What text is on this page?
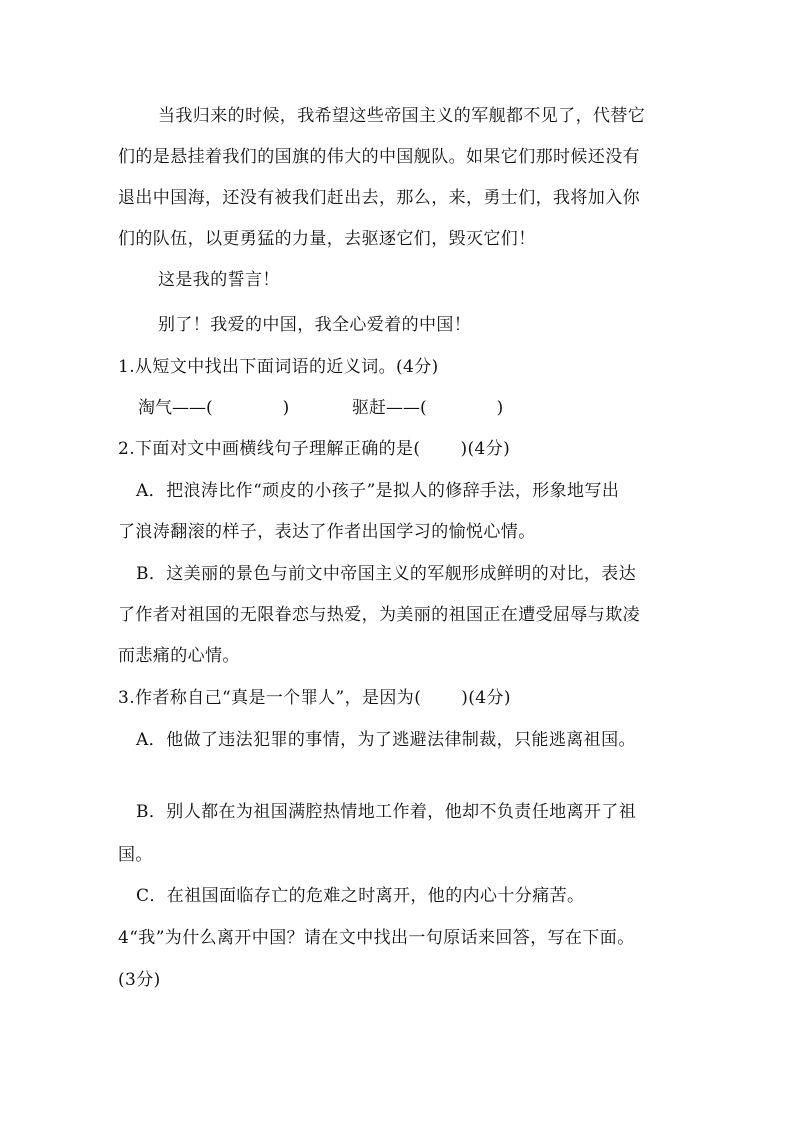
当我归来的时候，我希望这些帝国主义的军舰都不见了，代替它
们的是悬挂着我们的国旗的伟大的中国舰队。如果它们那时候还没有
退出中国海，还没有被我们赶出去，那么，来，勇士们，我将加入你
们的队伍，以更勇猛的力量，去驱逐它们，毁灭它们！
这是我的誓言！
别了！我爱的中国，我全心爱着的中国！
1.从短文中找出下面词语的近义词。(4分)
淘气——(	)	驱赶——(	)
2.下面对文中画横线句子理解正确的是( )(4分)
A．把浪涛比作“顽皮的小孩子”是拟人的修辞手法，形象地写出
了浪涛翻滚的样子，表达了作者出国学习的愉悦心情。
B．这美丽的景色与前文中帝国主义的军舰形成鲜明的对比，表达
了作者对祖国的无限眷恋与热爱，为美丽的祖国正在遭受屈辱与欺凌
而悲痛的心情。
3.作者称自己“真是一个罪人”，是因为( )(4分)
A．他做了违法犯罪的事情，为了逃避法律制裁，只能逃离祖国。
B．别人都在为祖国满腔热情地工作着，他却不负责任地离开了祖
国。
C．在祖国面临存亡的危难之时离开，他的内心十分痛苦。
4“我”为什么离开中国？请在文中找出一句原话来回答，写在下面。
(3分)
